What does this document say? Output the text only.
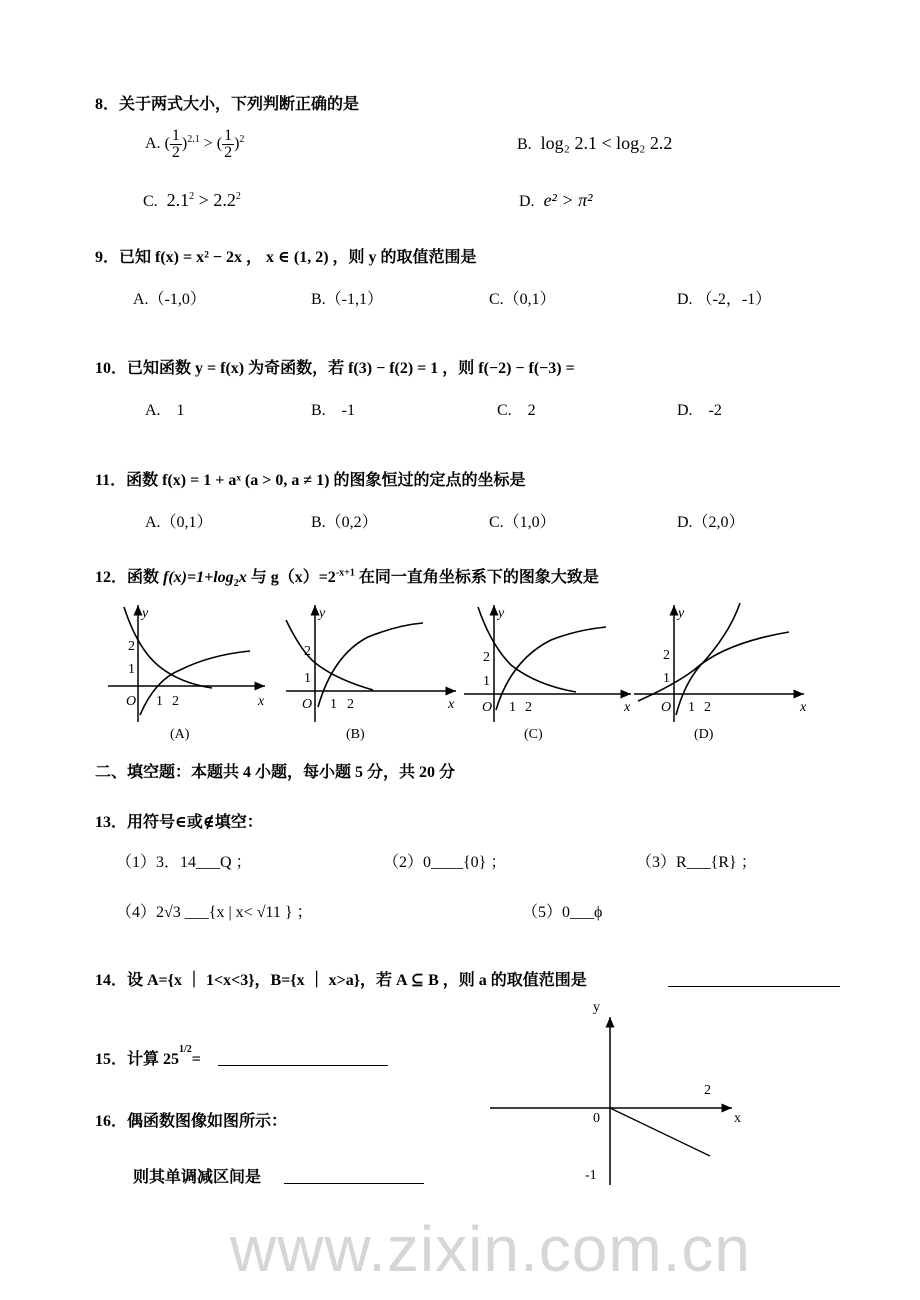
www.zixin.com.cn
8．关于两式大小，下列判断正确的是
A. ( $\frac{1}{2} )^{2.1}$ > ( $\frac{1}{2} )^2$	B. log₂ 2.1 < log₂ 2.2
C. $2.1^2 > 2.2^2$	D. e² > π²
9．已知 f(x) = x² − 2x ， x ∈ (1, 2) ，则 y 的取值范围是
A.（-1,0）	B.（-1,1）	C.（0,1）	D. （-2，-1）
10．已知函数 y = f(x) 为奇函数，若 f(3) − f(2) = 1 ，则 f(−2) − f(−3) =
A.　1	B.　-1	C.　2	D.　-2
11．函数 f(x) = 1 + aˣ (a > 0, a ≠ 1) 的图象恒过的定点的坐标是
A.（0,1）	B.（0,2）	C.（1,0）	D.（2,0）
12．函数 $f(x)=1+\log_2x$ 与 $g(x)=2^{-x+1}$ 在同一直角坐标系下的图象大致是
y
x
O
2
1
1 2
(A)
y
x
O
2
1
1 2
(B)
y
x
O
2
1
1 2
(C)
y
x
O
2
1
1 2
(D)
二、填空题：本题共 4 小题，每小题 5 分，共 20 分
13．用符号∈或∉填空：
（1）3．14___Q ；	（2）0____{0} ；	（3）R___{R} ；
（4）2√3 ___{x | x< √11 } ；	（5）0___ϕ
14．设 A={x ｜ 1<x<3}，B={x ｜ x>a}，若 A ⊆ B ，则 a 的取值范围是
15．计算 $25^{1/2}=$
16．偶函数图像如图所示：
则其单调减区间是
y
x
0
2
-1
